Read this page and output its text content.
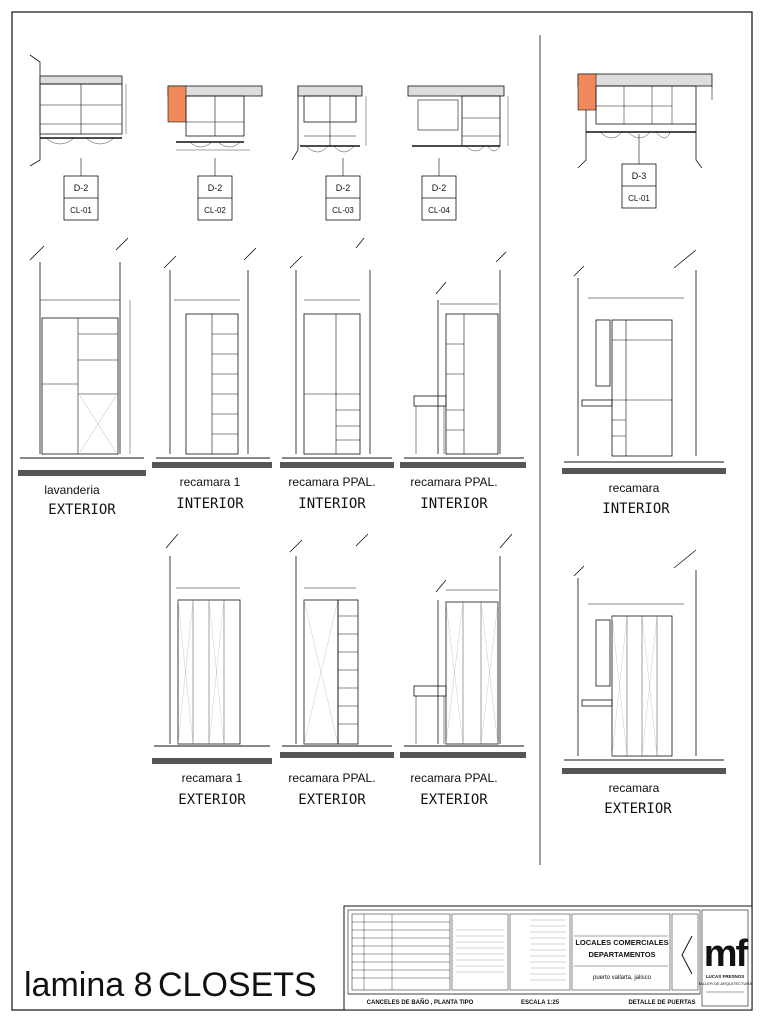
D-2
CL-01
D-2
CL-02
D-2
CL-03
D-2
CL-04
D-3
CL-01
lavanderia
EXTERIOR
recamara 1
INTERIOR
recamara PPAL.
INTERIOR
recamara PPAL.
INTERIOR
recamara
INTERIOR
recamara 1
EXTERIOR
recamara PPAL.
EXTERIOR
recamara PPAL.
EXTERIOR
recamara
EXTERIOR
lamina 8 CLOSETS
LOCALES COMERCIALES
DEPARTAMENTOS
puerto vallarta, jalisco
CANCELES DE BAÑO , PLANTA TIPO	ESCALA 1:25	DETALLE DE PUERTAS
mf
LUCAS FRESNOS
TALLER DE ARQUITECTURA
